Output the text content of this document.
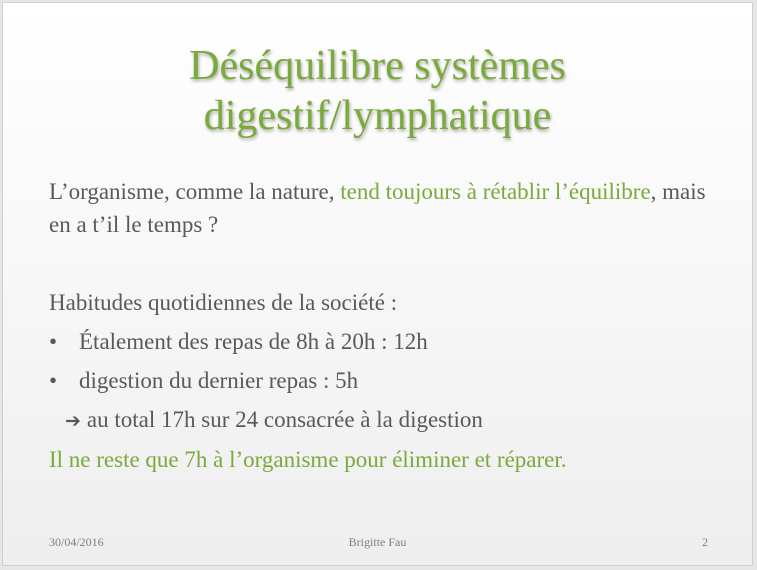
Déséquilibre systèmes
digestif/lymphatique
L’organisme, comme la nature, tend toujours à rétablir l’équilibre, mais en a t’il le temps ?
Habitudes quotidiennes de la société :
• Étalement des repas de 8h à 20h : 12h
• digestion du dernier repas : 5h
➔ au total 17h sur 24 consacrée à la digestion
Il ne reste que 7h à l’organisme pour éliminer et réparer.
30/04/2016	Brigitte Fau	2
